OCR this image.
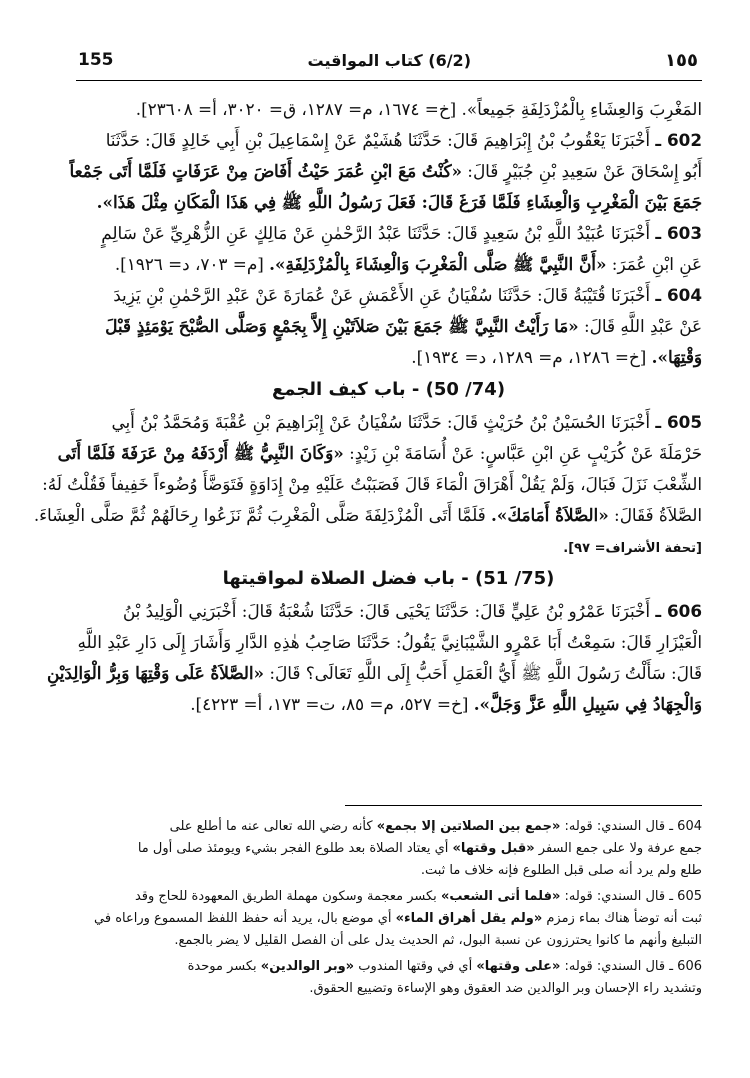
155	(6/2) كتاب المواقيت	١٥٥
المَغْرِبَ وَالعِشَاءِ بِالْمُزْدَلِفَةِ جَمِيعاً». [خ= ١٦٧٤، م= ١٢٨٧، ق= ٣٠٢٠، أ= ٢٣٦٠٨].
602 ـ أَخْبَرَنَا يَعْقُوبُ بْنُ إِبْرَاهِيمَ قَالَ: حَدَّثَنَا هُشَيْمٌ عَنْ إِسْمَاعِيلَ بْنِ أَبِي خَالِدٍ قَالَ: حَدَّثَنَا
أَبُو إِسْحَاقَ عَنْ سَعِيدِ بْنِ جُبَيْرٍ قَالَ: «كُنْتُ مَعَ ابْنِ عُمَرَ حَيْثُ أَفَاضَ مِنْ عَرَفَاتٍ فَلَمَّا أَتَى جَمْعاً
جَمَعَ بَيْنَ الْمَغْرِبِ وَالْعِشَاءِ فَلَمَّا فَرَغَ قَالَ: فَعَلَ رَسُولُ اللَّهِ ﷺ فِي هَذَا الْمَكَانِ مِثْلَ هَذَا».
603 ـ أَخْبَرَنَا عُبَيْدُ اللَّهِ بْنُ سَعِيدٍ قَالَ: حَدَّثَنَا عَبْدُ الرَّحْمٰنِ عَنْ مَالِكٍ عَنِ الزُّهْرِيِّ عَنْ سَالِمٍ
عَنِ ابْنِ عُمَرَ: «أَنَّ النَّبِيَّ ﷺ صَلَّى الْمَغْرِبَ وَالْعِشَاءَ بِالْمُزْدَلِفَةِ». [م= ٧٠٣، د= ١٩٢٦].
604 ـ أَخْبَرَنَا قُتَيْبَةُ قَالَ: حَدَّثَنَا سُفْيَانُ عَنِ الأَعْمَشِ عَنْ عُمَارَةَ عَنْ عَبْدِ الرَّحْمٰنِ بْنِ يَزِيدَ
عَنْ عَبْدِ اللَّهِ قَالَ: «مَا رَأَيْتُ النَّبِيَّ ﷺ جَمَعَ بَيْنَ صَلاَتَيْنِ إِلاَّ بِجَمْعٍ وَصَلَّى الصُّبْحَ يَوْمَئِذٍ قَبْلَ
وَقْتِهَا». [خ= ١٢٨٦، م= ١٢٨٩، د= ١٩٣٤].
(74/ 50) - باب كيف الجمع
605 ـ أَخْبَرَنَا الحُسَيْنُ بْنُ حُرَيْثٍ قَالَ: حَدَّثَنَا سُفْيَانُ عَنْ إِبْرَاهِيمَ بْنِ عُقْبَةَ وَمُحَمَّدُ بْنُ أَبِي
حَرْمَلَةَ عَنْ كُرَيْبٍ عَنِ ابْنِ عَبَّاسٍ: عَنْ أُسَامَةَ بْنِ زَيْدٍ: «وَكَانَ النَّبِيُّ ﷺ أَرْدَفَهُ مِنْ عَرَفَةَ فَلَمَّا أَتَى
الشِّعْبَ نَزَلَ فَبَالَ، وَلَمْ يَقُلْ أَهْرَاقَ الْمَاءَ قَالَ فَصَبَبْتُ عَلَيْهِ مِنْ إِدَاوَةٍ فَتَوَضَّأَ وُضُوءاً خَفِيفاً فَقُلْتُ لَهُ:
الصَّلاَةُ فَقَالَ: «الصَّلاَةُ أَمَامَكَ». فَلَمَّا أَتَى الْمُزْدَلِفَةَ صَلَّى الْمَغْرِبَ ثُمَّ نَزَعُوا رِحَالَهُمْ ثُمَّ صَلَّى الْعِشَاءَ.
[تحفة الأشراف= ٩٧].
(75/ 51) - باب فضل الصلاة لمواقيتها
606 ـ أَخْبَرَنَا عَمْرُو بْنُ عَلِيٍّ قَالَ: حَدَّثَنَا يَحْيَى قَالَ: حَدَّثَنَا شُعْبَةُ قَالَ: أَخْبَرَنِي الْوَلِيدُ بْنُ
الْعَيْزَارِ قَالَ: سَمِعْتُ أَبَا عَمْرٍو الشَّيْبَانِيَّ يَقُولُ: حَدَّثَنَا صَاحِبُ هٰذِهِ الدَّارِ وَأَشَارَ إِلَى دَارِ عَبْدِ اللَّهِ
قَالَ: سَأَلْتُ رَسُولَ اللَّهِ ﷺ أَيُّ الْعَمَلِ أَحَبُّ إِلَى اللَّهِ تَعَالَى؟ قَالَ: «الصَّلاَةُ عَلَى وَقْتِهَا وَبِرُّ الْوَالِدَيْنِ
وَالْجِهَادُ فِي سَبِيلِ اللَّهِ عَزَّ وَجَلَّ». [خ= ٥٢٧، م= ٨٥، ت= ١٧٣، أ= ٤٢٢٣].
604 ـ قال السندي: قوله: «جمع بين الصلاتين إلا بجمع» كأنه رضي الله تعالى عنه ما أطلع على
جمع عرفة ولا على جمع السفر «قبل وقتها» أي يعتاد الصلاة بعد طلوع الفجر بشيء ويومئذ صلى أول ما
طلع ولم يرد أنه صلى قبل الطلوع فإنه خلاف ما ثبت.
605 ـ قال السندي: قوله: «فلما أتى الشعب» بكسر معجمة وسكون مهملة الطريق المعهودة للحاج وقد
ثبت أنه توضأ هناك بماء زمزم «ولم يقل أهراق الماء» أي موضع بال، يريد أنه حفظ اللفظ المسموع وراعاه في
التبليغ وأنهم ما كانوا يحترزون عن نسبة البول، ثم الحديث يدل على أن الفصل القليل لا يضر بالجمع.
606 ـ قال السندي: قوله: «على وقتها» أي في وقتها المندوب «وبر الوالدين» بكسر موحدة
وتشديد راء الإحسان وبر الوالدين ضد العقوق وهو الإساءة وتضييع الحقوق.
